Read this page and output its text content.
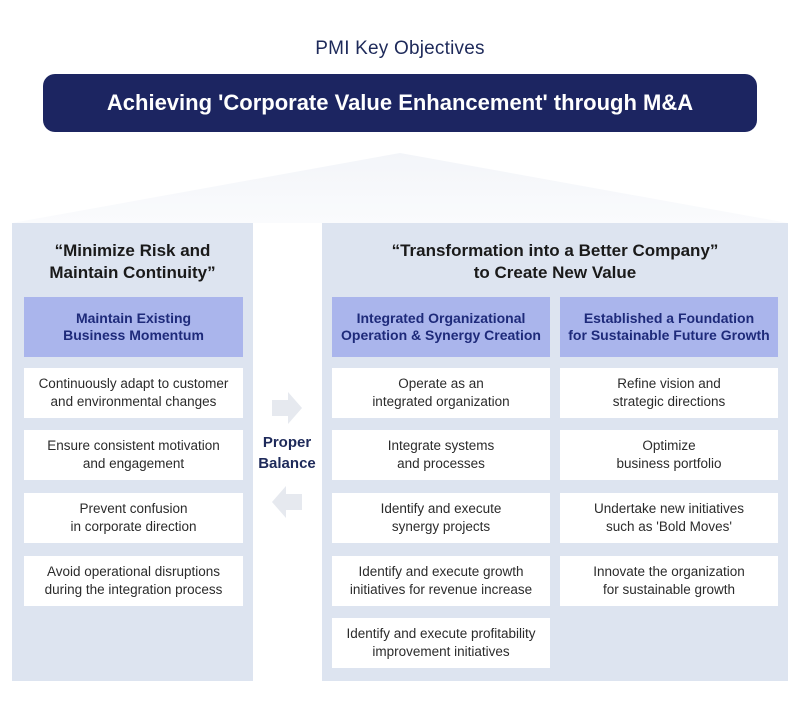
PMI Key Objectives
Achieving 'Corporate Value Enhancement' through M&A
“Minimize Risk and
Maintain Continuity”
Maintain Existing
Business Momentum
Continuously adapt to customer
and environmental changes
Ensure consistent motivation
and engagement
Prevent confusion
in corporate direction
Avoid operational disruptions
during the integration process
Proper
Balance
“Transformation into a Better Company”
to Create New Value
Integrated Organizational
Operation & Synergy Creation
Established a Foundation
for Sustainable Future Growth
Operate as an
integrated organization
Integrate systems
and processes
Identify and execute
synergy projects
Identify and execute growth
initiatives for revenue increase
Identify and execute profitability
improvement initiatives
Refine vision and
strategic directions
Optimize
business portfolio
Undertake new initiatives
such as 'Bold Moves'
Innovate the organization
for sustainable growth
